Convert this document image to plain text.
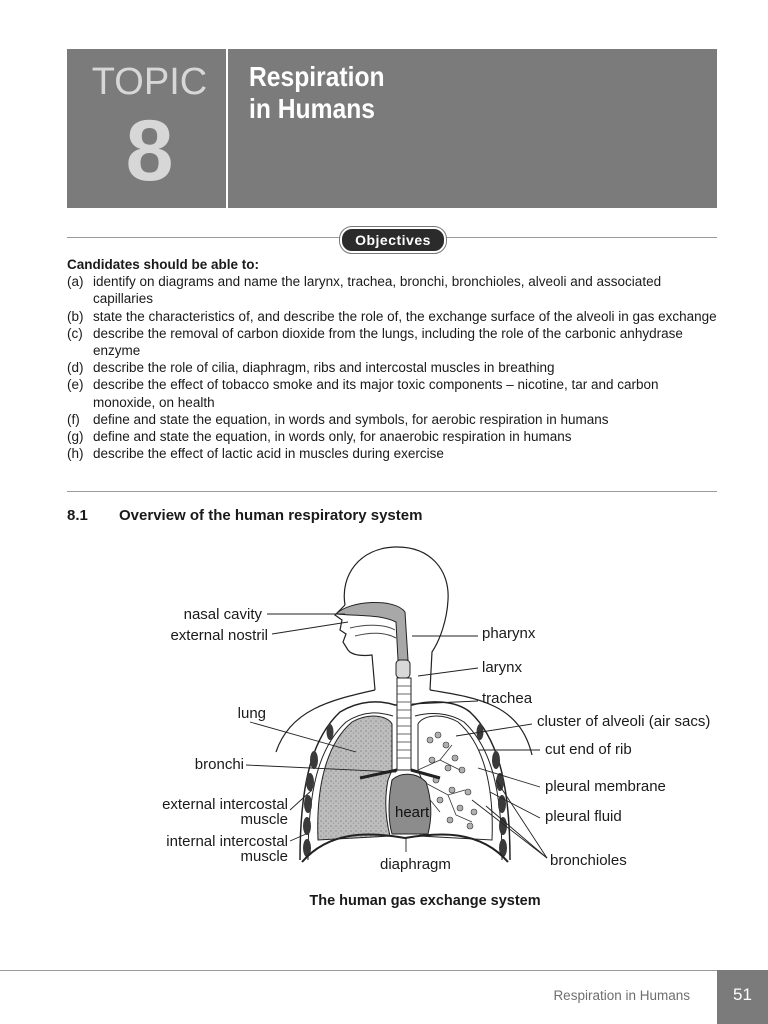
TOPIC
8
Respiration
in Humans
Objectives
Candidates should be able to:
(a) identify on diagrams and name the larynx, trachea, bronchi, bronchioles, alveoli and associated capillaries
(b) state the characteristics of, and describe the role of, the exchange surface of the alveoli in gas exchange
(c) describe the removal of carbon dioxide from the lungs, including the role of the carbonic anhydrase enzyme
(d) describe the role of cilia, diaphragm, ribs and intercostal muscles in breathing
(e) describe the effect of tobacco smoke and its major toxic components – nicotine, tar and carbon monoxide, on health
(f) define and state the equation, in words and symbols, for aerobic respiration in humans
(g) define and state the equation, in words only, for anaerobic respiration in humans
(h) describe the effect of lactic acid in muscles during exercise
8.1 Overview of the human respiratory system
nasal cavity
external nostril
lung
bronchi
external intercostal
muscle
internal intercostal
muscle
heart
diaphragm
pharynx
larynx
trachea
cluster of alveoli (air sacs)
cut end of rib
pleural membrane
pleural fluid
bronchioles
The human gas exchange system
Respiration in Humans	51
